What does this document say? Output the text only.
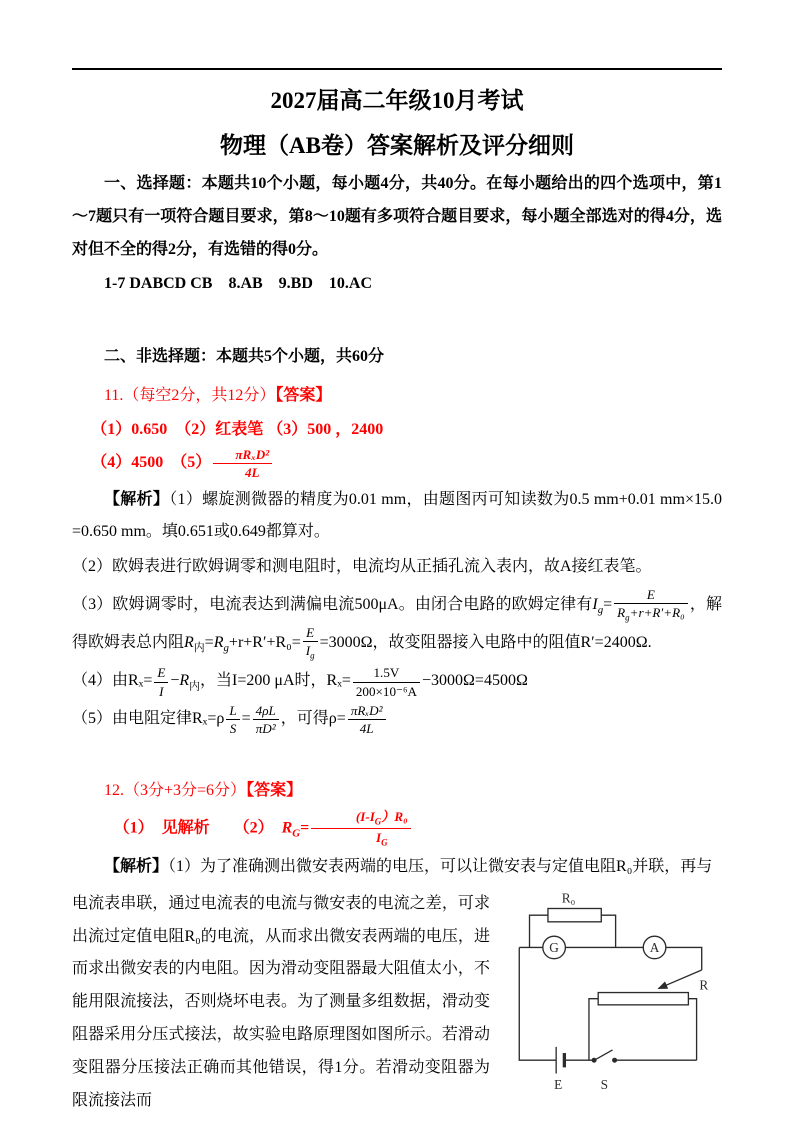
2027届高二年级10月考试
物理（AB卷）答案解析及评分细则

一、选择题：本题共10个小题，每小题4分，共40分。在每小题给出的四个选项中，第1～7题只有一项符合题目要求，第8～10题有多项符合题目要求，每小题全部选对的得4分，选对但不全的得2分，有选错的得0分。

1-7 DABCD CB　8.AB　9.BD　10.AC

二、非选择题：本题共5个小题，共60分

11.（每空2分，共12分）【答案】

（1）0.650　（2）红表笔 （3）500 ，2400

（4）4500　$(5) \frac{\text{πRₓD²}}{4L}$

【解析】（1）螺旋测微器的精度为0.01 mm，由题图丙可知读数为0.5 mm+0.01 mm×15.0 =0.650 mm。填0.651或0.649都算对。

（2）欧姆表进行欧姆调零和测电阻时，电流均从正插孔流入表内，故A接红表笔。

（3）欧姆调零时，电流表达到满偏电流500μA。由闭合电路的欧姆定律有$I_g= \frac{E}{R_g+r+R'+R_0}$ ，解得欧姆表总内阻$R_内=R_g+r+R'+R_0= \frac{E}{I_g} =3000\Omega$，故变阻器接入电路中的阻值R′=2400Ω.

（4）由$R_x= \frac{E}{I} -R_内$，当I=200 μA时，$R_x= \frac{1.5V}{\text{200×10⁻⁶A}} -3000\Omega=4500\Omega$

（5）由电阻定律$R_x=\rho \frac{L}{S} = \frac{4\rho L}{\text{πD²}}$ ，可得$\rho= \frac{\text{πRₓD²}}{4L}$

12.（3分+3分=6分）【答案】

（1）　见解析　　（2）　$R_G= \frac{(I-I_G)R_0}{I_G}$

【解析】（1）为了准确测出微安表两端的电压，可以让微安表与定值电阻R₀并联，再与

R₀
G	A
R
E	S

电流表串联，通过电流表的电流与微安表的电流之差，可求出流过定值电阻R₀的电流，从而求出微安表两端的电压，进而求出微安表的内电阻。因为滑动变阻器最大阻值太小，不能用限流接法，否则烧坏电表。为了测量多组数据，滑动变阻器采用分压式接法，故实验电路原理图如图所示。若滑动变阻器分压接法正确而其他错误，得1分。若滑动变阻器为限流接法而
